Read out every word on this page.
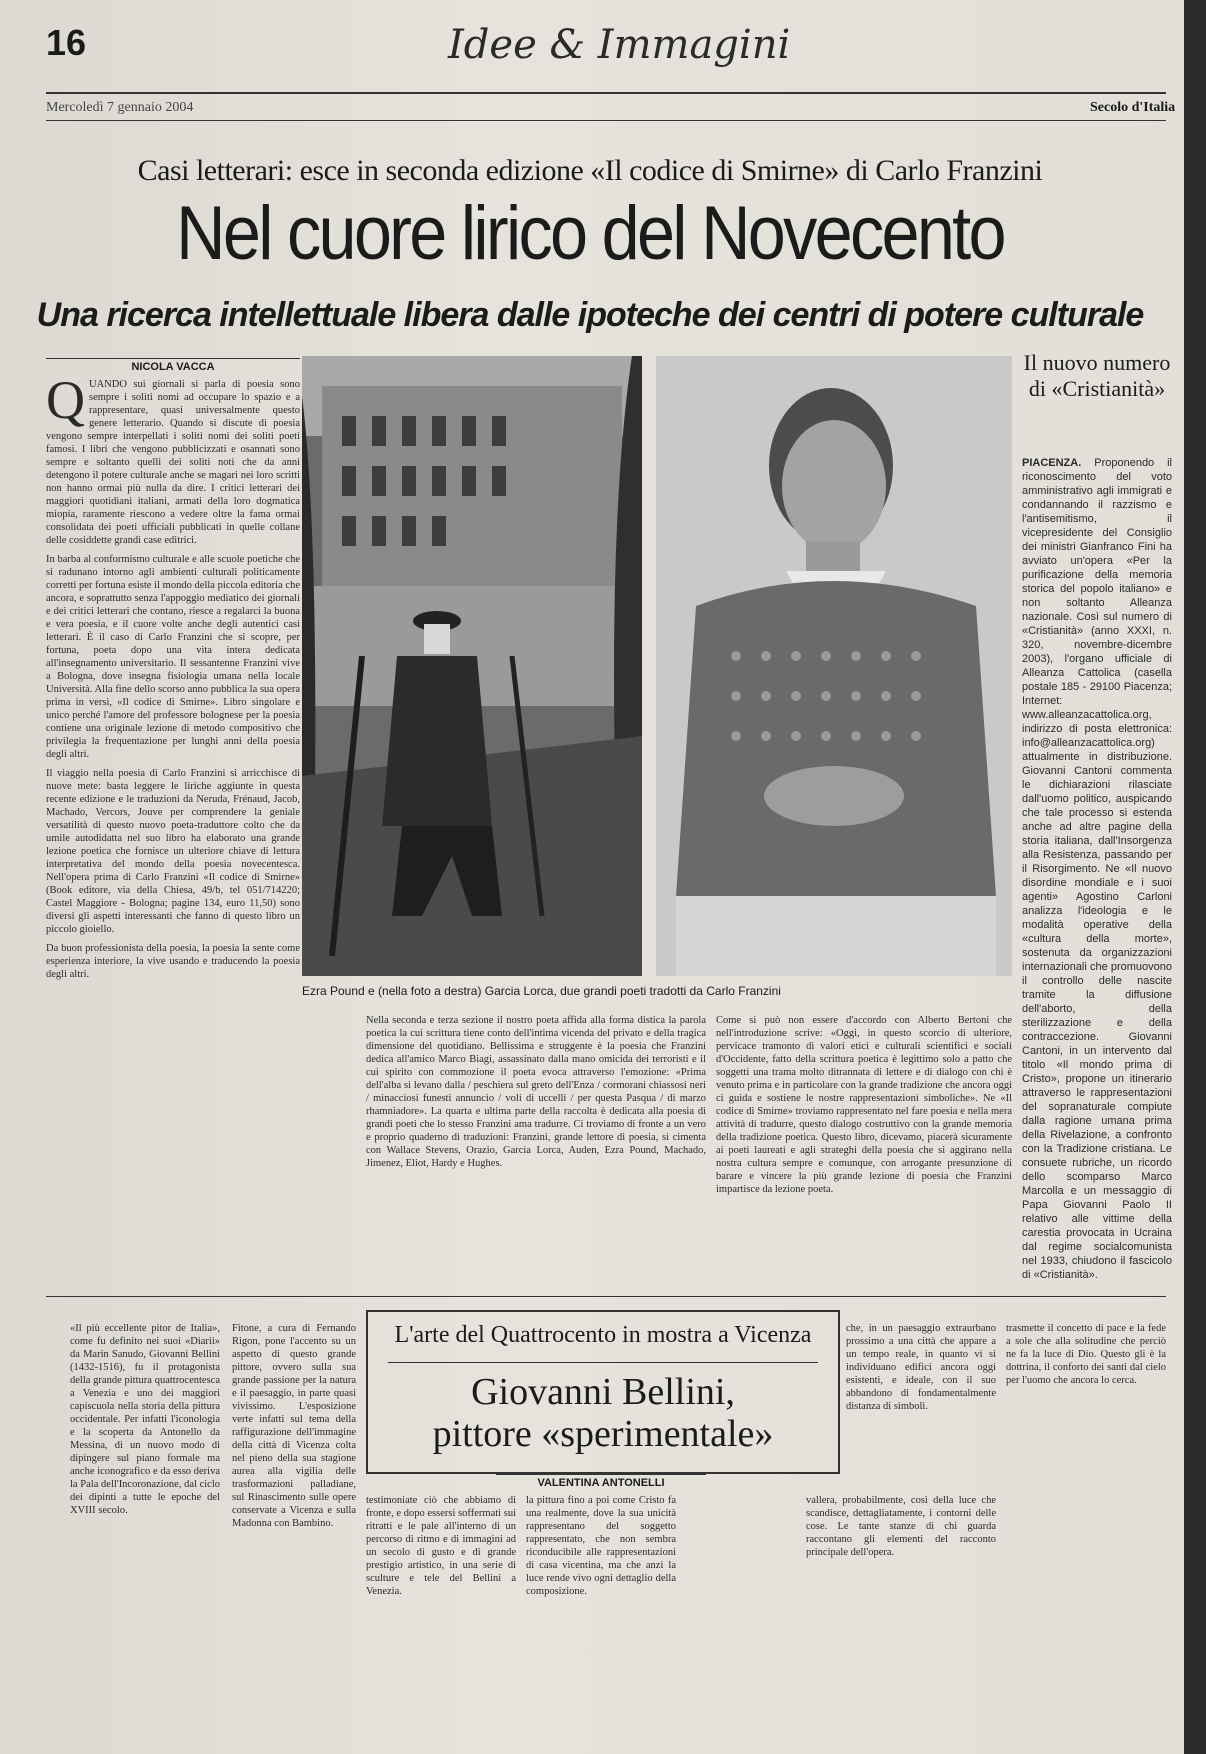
16	Idee & Immagini
Mercoledì 7 gennaio 2004	Secolo d'Italia
Casi letterari: esce in seconda edizione «Il codice di Smirne» di Carlo Franzini
Nel cuore lirico del Novecento
Una ricerca intellettuale libera dalle ipoteche dei centri di potere culturale
NICOLA VACCA
Q UANDO sui giornali si parla di poesia sono sempre i soliti nomi ad occupare lo spazio e a rappresentare, quasi universalmente questo genere letterario. Quando si discute di poesia vengono sempre interpellati i soliti nomi dei soliti poeti famosi. I libri che vengono pubblicizzati e osannati sono sempre e soltanto quelli dei soliti noti che da anni detengono il potere culturale anche se magari nei loro scritti non hanno ormai più nulla da dire. I critici letterari dei maggiori quotidiani italiani, armati della loro dogmatica miopia, raramente riescono a vedere oltre la fama ormai consolidata dei poeti ufficiali pubblicati in quelle collane delle cosiddette grandi case editrici.

In barba al conformismo culturale e alle scuole poetiche che si radunano intorno agli ambienti culturali politicamente corretti per fortuna esiste il mondo della piccola editoria che ancora, e soprattutto senza l'appoggio mediatico dei giornali e dei critici letterari che contano, riesce a regalarci la buona e vera poesia, e il cuore volte anche degli autentici casi letterari. È il caso di Carlo Franzini che si scopre, per fortuna, poeta dopo una vita intera dedicata all'insegnamento universitario. Il sessantenne Franzini vive a Bologna, dove insegna fisiologia umana nella locale Università. Alla fine dello scorso anno pubblica la sua opera prima in versi, «Il codice di Smirne». Libro singolare e unico perché l'amore del professore bolognese per la poesia contiene una originale lezione di metodo compositivo che privilegia la frequentazione per lunghi anni della poesia degli altri.

Il viaggio nella poesia di Carlo Franzini si arricchisce di nuove mete: basta leggere le liriche aggiunte in questa recente edizione e le traduzioni da Neruda, Frénaud, Jacob, Machado, Vercors, Jouve per comprendere la geniale versatilità di questo nuovo poeta-traduttore colto che da umile autodidatta nel suo libro ha elaborato una grande lezione poetica che fornisce un ulteriore chiave di lettura interpretativa del mondo della poesia novecentesca. Nell'opera prima di Carlo Franzini «Il codice di Smirne» (Book editore, via della Chiesa, 49/b, tel 051/714220; Castel Maggiore - Bologna; pagine 134, euro 11,50) sono diversi gli aspetti interessanti che fanno di questo libro un piccolo gioiello.

Da buon professionista della poesia, la poesia la sente come esperienza interiore, la vive usando e traducendo la poesia degli altri.

Ezra Pound e (nella foto a destra) Garcia Lorca, due grandi poeti tradotti da Carlo Franzini
Il nuovo numero di «Cristianità»
PIACENZA. Proponendo il riconoscimento del voto amministrativo agli immigrati e condannando il razzismo e l'antisemitismo, il vicepresidente del Consiglio dei ministri Gianfranco Fini ha avviato un'opera «Per la purificazione della memoria storica del popolo italiano» e non soltanto Alleanza nazionale. Così sul numero di «Cristianità» (anno XXXI, n. 320, novembre-dicembre 2003), l'organo ufficiale di Alleanza Cattolica (casella postale 185 - 29100 Piacenza; Internet: www.alleanzacattolica.org, indirizzo di posta elettronica: info@alleanzacattolica.org) attualmente in distribuzione. Giovanni Cantoni commenta le dichiarazioni rilasciate dall'uomo politico, auspicando che tale processo si estenda anche ad altre pagine della storia italiana, dall'Insorgenza alla Resistenza, passando per il Risorgimento. Ne «Il nuovo disordine mondiale e i suoi agenti» Agostino Carloni analizza l'ideologia e le modalità operative della «cultura della morte», sostenuta da organizzazioni internazionali che promuovono il controllo delle nascite tramite la diffusione dell'aborto, della sterilizzazione e della contraccezione. Giovanni Cantoni, in un intervento dal titolo «Il mondo prima di Cristo», propone un itinerario attraverso le rappresentazioni del sopranaturale compiute dalla ragione umana prima della Rivelazione, a confronto con la Tradizione cristiana. Le consuete rubriche, un ricordo dello scomparso Marco Marcolla e un messaggio di Papa Giovanni Paolo II relativo alle vittime della carestia provocata in Ucraina dal regime socialcomunista nel 1933, chiudono il fascicolo di «Cristianità».

Nella seconda e terza sezione il nostro poeta affida alla forma distica la parola poetica la cui scrittura tiene conto dell'intima vicenda del privato e della tragica dimensione del quotidiano. Bellissima e struggente è la poesia che Franzini dedica all'amico Marco Biagi, assassinato dalla mano omicida dei terroristi e il cui spirito con commozione il poeta evoca attraverso l'emozione: «Prima dell'alba si levano dalla / peschiera sul greto dell'Enza / cormorani chiassosi neri / minacciosi funesti annuncio / voli di uccelli / per questa Pasqua / di marzo rhamniadore». La quarta e ultima parte della raccolta è dedicata alla poesia di grandi poeti che lo stesso Franzini ama tradurre. Ci troviamo di fronte a un vero e proprio quaderno di traduzioni: Franzini, grande lettore di poesia, si cimenta con Wallace Stevens, Orazio, Garcia Lorca, Auden, Ezra Pound, Machado, Jimenez, Eliot, Hardy e Hughes.

Come si può non essere d'accordo con Alberto Bertoni che nell'introduzione scrive: «Oggi, in questo scorcio di ulteriore, pervicace tramonto di valori etici e culturali scientifici e sociali d'Occidente, fatto della scrittura poetica è legittimo solo a patto che soggetti una trama molto ditrannata di lettere e di dialogo con chi è venuto prima e in particolare con la grande tradizione che ancora oggi ci guida e sostiene le nostre rappresentazioni simboliche». Ne «Il codice di Smirne» troviamo rappresentato nel fare poesia e nella mera attività di tradurre, questo dialogo costruttivo con la grande memoria della tradizione poetica. Questo libro, dicevamo, piacerà sicuramente ai poeti laureati e agli strateghi della poesia che si aggirano nella nostra cultura sempre e comunque, con arrogante presunzione di barare e vincere la più grande lezione di poesia che Franzini impartisce da lezione poeta.

L'arte del Quattrocento in mostra a Vicenza
Giovanni Bellini,
pittore «sperimentale»
VALENTINA ANTONELLI

«Il più eccellente pitor de Italia», come fu definito nei suoi «Diarii» da Marin Sanudo, Giovanni Bellini (1432-1516), fu il protagonista della grande pittura quattrocentesca a Venezia e uno dei maggiori capiscuola nella storia della pittura occidentale. Per infatti l'iconologia e la scoperta da Antonello da Messina, di un nuovo modo di dipingere sul piano formale ma anche iconografico e da esso deriva la Pala dell'Incoronazione, dal ciclo dei dipinti a tutte le epoche del XVIII secolo.

Fitone, a cura di Fernando Rigon, pone l'accento su un aspetto di questo grande pittore, ovvero sulla sua grande passione per la natura e il paesaggio, in parte quasi vivissimo. L'esposizione verte infatti sul tema della raffigurazione dell'immagine della città di Vicenza colta nel pieno della sua stagione aurea alla vigilia delle trasformazioni palladiane, sul Rinascimento sulle opere conservate a Vicenza e sulla Madonna con Bambino.

testimoniate ciò che abbiamo di fronte, e dopo essersi soffermati sui ritratti e le pale all'interno di un percorso di ritmo e di immagini ad un secolo di gusto e di grande prestigio artistico, in una serie di sculture e tele del Bellini a Venezia.

la pittura fino a poi come Cristo fa una realmente, dove la sua unicità rappresentano del soggetto rappresentato, che non sembra riconducibile alle rappresentazioni di casa vicentina, ma che anzi la luce rende vivo ogni dettaglio della composizione.

che, in un paesaggio extraurbano prossimo a una città che appare a un tempo reale, in quanto vi si individuano edifici ancora oggi esistenti, e ideale, con il suo abbandono di fondamentalmente distanza di simboli.

vallera, probabilmente, così della luce che scandisce, dettagliatamente, i contorni delle cose. Le tante stanze di chi guarda raccontano gli elementi del racconto principale dell'opera.

trasmette il concetto di pace e la fede a sole che alla solitudine che perciò ne fa la luce di Dio. Questo gli è la dottrina, il conforto dei santi dal cielo per l'uomo che ancora lo cerca.
